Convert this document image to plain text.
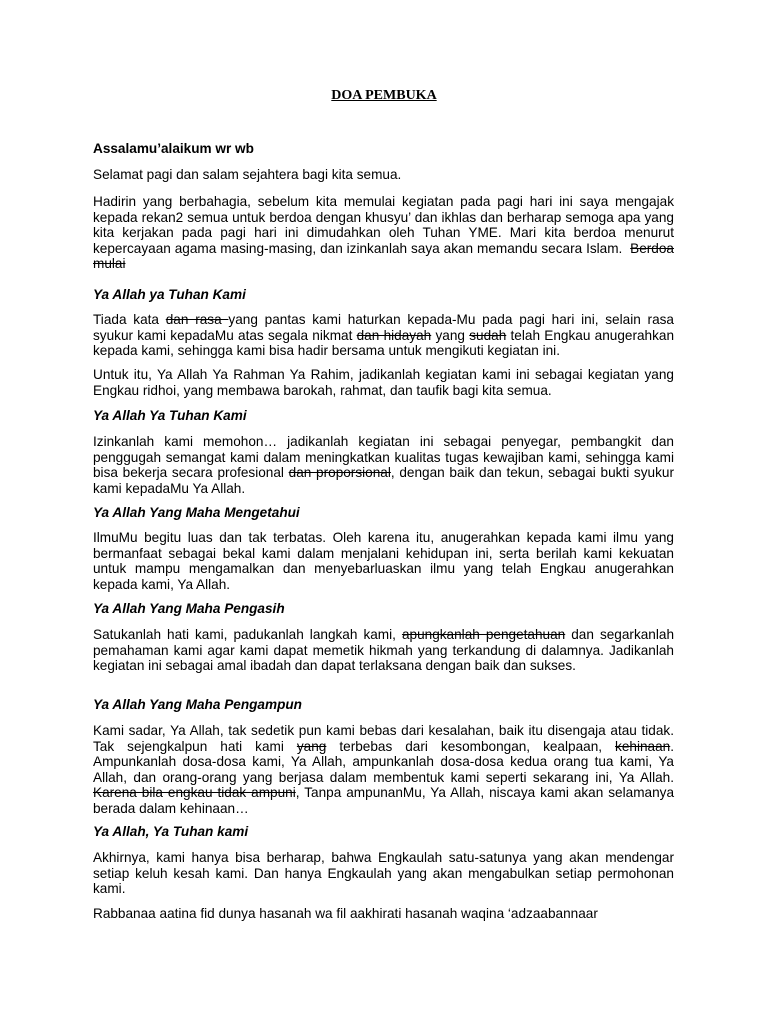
DOA PEMBUKA
Assalamu’alaikum wr wb
Selamat pagi dan salam sejahtera bagi kita semua.
Hadirin yang berbahagia, sebelum kita memulai kegiatan pada pagi hari ini saya mengajak kepada rekan2 semua untuk berdoa dengan khusyu’ dan ikhlas dan berharap semoga apa yang kita kerjakan pada pagi hari ini dimudahkan oleh Tuhan YME. Mari kita berdoa menurut kepercayaan agama masing-masing, dan izinkanlah saya akan memandu secara Islam. Berdoa mulai
Ya Allah ya Tuhan Kami
Tiada kata dan rasa yang pantas kami haturkan kepada-Mu pada pagi hari ini, selain rasa syukur kami kepadaMu atas segala nikmat dan hidayah yang sudah telah Engkau anugerahkan kepada kami, sehingga kami bisa hadir bersama untuk mengikuti kegiatan ini.
Untuk itu, Ya Allah Ya Rahman Ya Rahim, jadikanlah kegiatan kami ini sebagai kegiatan yang Engkau ridhoi, yang membawa barokah, rahmat, dan taufik bagi kita semua.
Ya Allah Ya Tuhan Kami
Izinkanlah kami memohon… jadikanlah kegiatan ini sebagai penyegar, pembangkit dan penggugah semangat kami dalam meningkatkan kualitas tugas kewajiban kami, sehingga kami bisa bekerja secara profesional dan proporsional, dengan baik dan tekun, sebagai bukti syukur kami kepadaMu Ya Allah.
Ya Allah Yang Maha Mengetahui
IlmuMu begitu luas dan tak terbatas. Oleh karena itu, anugerahkan kepada kami ilmu yang bermanfaat sebagai bekal kami dalam menjalani kehidupan ini, serta berilah kami kekuatan untuk mampu mengamalkan dan menyebarluaskan ilmu yang telah Engkau anugerahkan kepada kami, Ya Allah.
Ya Allah Yang Maha Pengasih
Satukanlah hati kami, padukanlah langkah kami, apungkanlah pengetahuan dan segarkanlah pemahaman kami agar kami dapat memetik hikmah yang terkandung di dalamnya. Jadikanlah kegiatan ini sebagai amal ibadah dan dapat terlaksana dengan baik dan sukses.
Ya Allah Yang Maha Pengampun
Kami sadar, Ya Allah, tak sedetik pun kami bebas dari kesalahan, baik itu disengaja atau tidak. Tak sejengkalpun hati kami yang terbebas dari kesombongan, kealpaan, kehinaan. Ampunkanlah dosa-dosa kami, Ya Allah, ampunkanlah dosa-dosa kedua orang tua kami, Ya Allah, dan orang-orang yang berjasa dalam membentuk kami seperti sekarang ini, Ya Allah. Karena bila engkau tidak ampuni, Tanpa ampunanMu, Ya Allah, niscaya kami akan selamanya berada dalam kehinaan…
Ya Allah, Ya Tuhan kami
Akhirnya, kami hanya bisa berharap, bahwa Engkaulah satu-satunya yang akan mendengar setiap keluh kesah kami. Dan hanya Engkaulah yang akan mengabulkan setiap permohonan kami.
Rabbanaa aatina fid dunya hasanah wa fil aakhirati hasanah waqina ‘adzaabannaar
